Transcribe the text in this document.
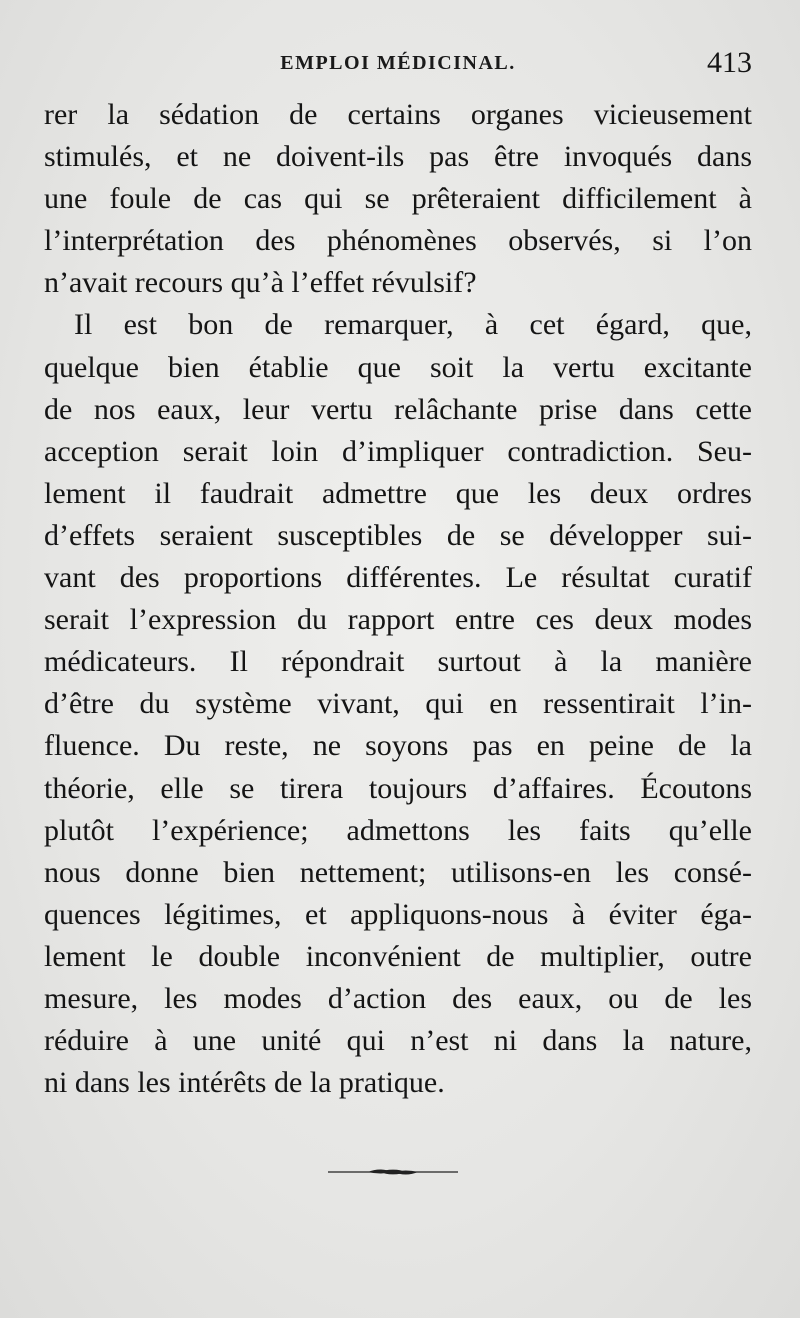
EMPLOI MÉDICINAL.	413
rer la sédation de certains organes vicieusement
stimulés, et ne doivent-ils pas être invoqués dans
une foule de cas qui se prêteraient difficilement à
l’interprétation des phénomènes observés, si l’on
n’avait recours qu’à l’effet révulsif?
Il est bon de remarquer, à cet égard, que,
quelque bien établie que soit la vertu excitante
de nos eaux, leur vertu relâchante prise dans cette
acception serait loin d’impliquer contradiction. Seu-
lement il faudrait admettre que les deux ordres
d’effets seraient susceptibles de se développer sui-
vant des proportions différentes. Le résultat curatif
serait l’expression du rapport entre ces deux modes
médicateurs. Il répondrait surtout à la manière
d’être du système vivant, qui en ressentirait l’in-
fluence. Du reste, ne soyons pas en peine de la
théorie, elle se tirera toujours d’affaires. Écoutons
plutôt l’expérience; admettons les faits qu’elle
nous donne bien nettement; utilisons-en les consé-
quences légitimes, et appliquons-nous à éviter éga-
lement le double inconvénient de multiplier, outre
mesure, les modes d’action des eaux, ou de les
réduire à une unité qui n’est ni dans la nature,
ni dans les intérêts de la pratique.
